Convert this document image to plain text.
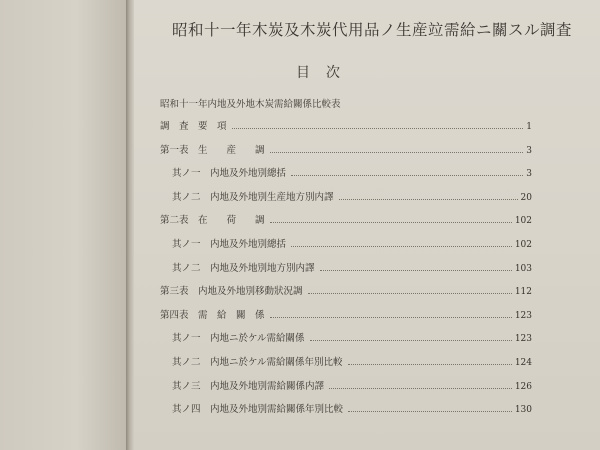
昭和十一年木炭及木炭代用品ノ生産竝需給ニ關スル調査
目次
昭和十一年内地及外地木炭需給關係比較表
調　査　要　項	1
第一表　生　　産　　調	3
其ノ一　内地及外地別總括	3
其ノ二　内地及外地別生産地方別内譯	20
第二表　在　　荷　　調	102
其ノ一　内地及外地別總括	102
其ノ二　内地及外地別地方別内譯	103
第三表　内地及外地別移動狀況調	112
第四表　需　給　關　係	123
其ノ一　内地ニ於ケル需給關係	123
其ノ二　内地ニ於ケル需給關係年別比較	124
其ノ三　内地及外地別需給關係内譯	126
其ノ四　内地及外地別需給關係年別比較	130
